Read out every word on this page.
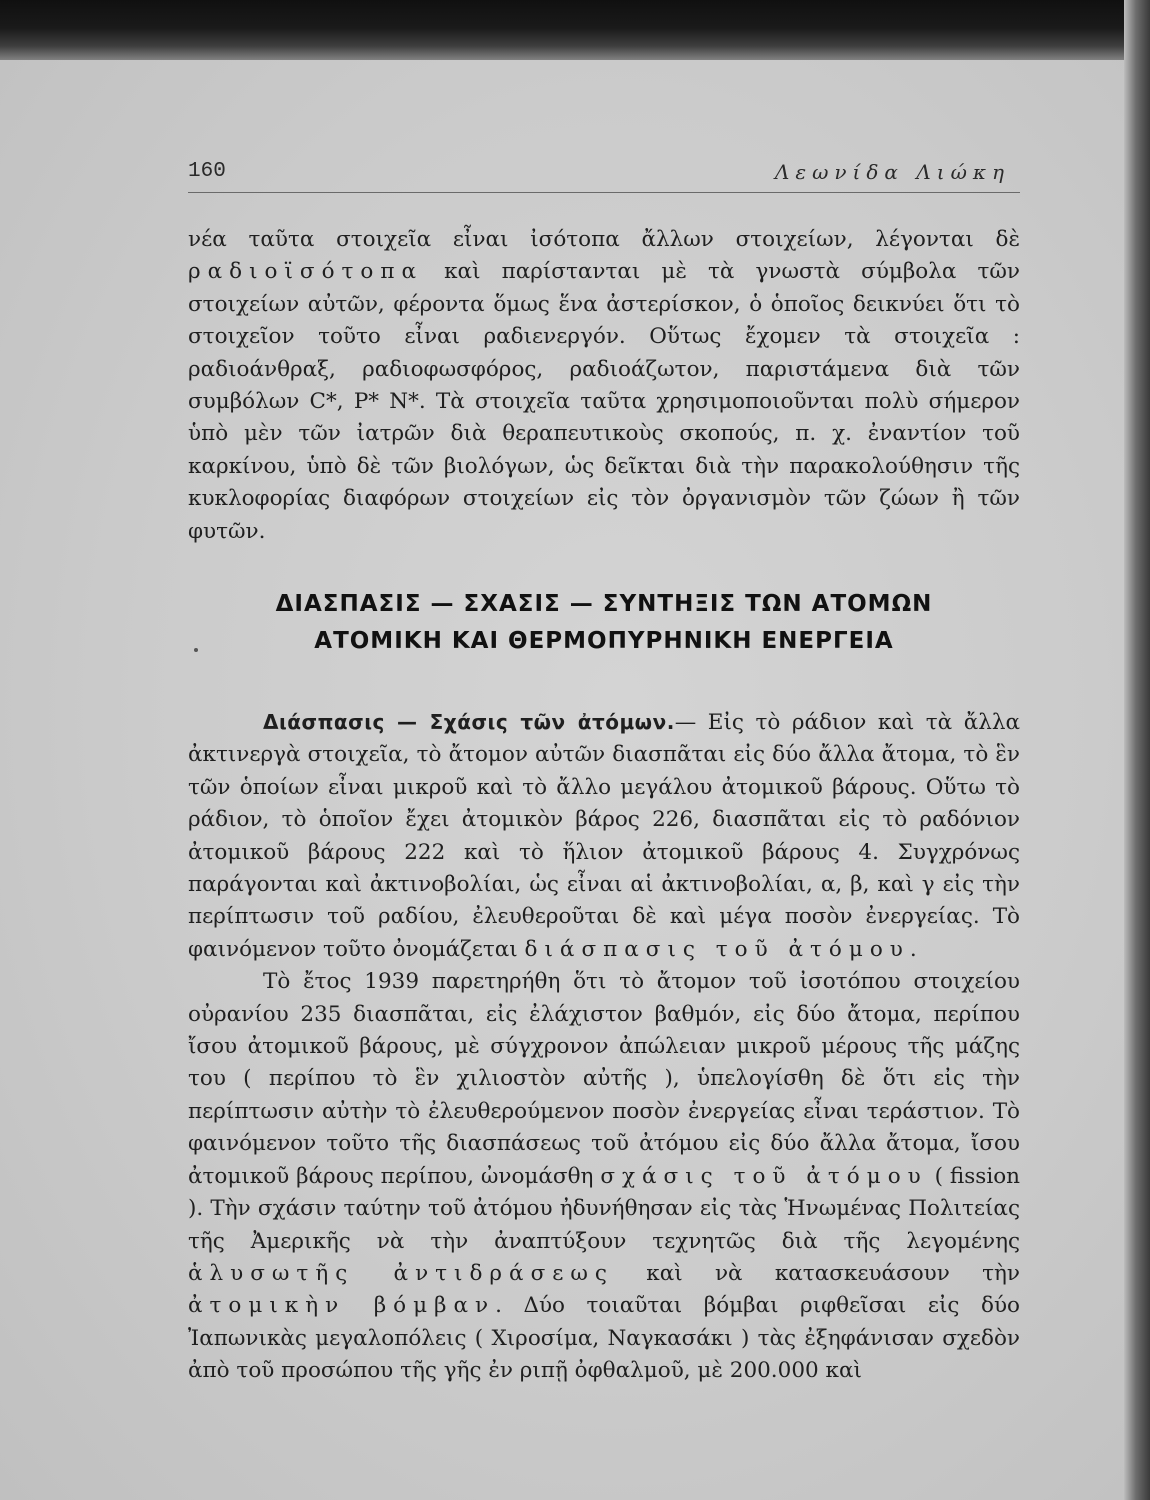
160	Λεωνίδα Λιώκη

νέα ταῦτα στοιχεῖα εἶναι ἰσότοπα ἄλλων στοιχείων, λέγονται δὲ ραδιοϊσότοπα καὶ παρίστανται μὲ τὰ γνωστὰ σύμβολα τῶν στοιχείων αὐτῶν, φέροντα ὅμως ἕνα ἀστερίσκον, ὁ ὁποῖος δεικνύει ὅτι τὸ στοιχεῖον τοῦτο εἶναι ραδιενεργόν. Οὕτως ἔχομεν τὰ στοιχεῖα : ραδιοάνθραξ, ραδιοφωσφόρος, ραδιοάζωτον, παριστάμενα διὰ τῶν συμβόλων C*, P* N*. Τὰ στοιχεῖα ταῦτα χρησιμοποιοῦνται πολὺ σήμερον ὑπὸ μὲν τῶν ἰατρῶν διὰ θεραπευτικοὺς σκοπούς, π. χ. ἐναντίον τοῦ καρκίνου, ὑπὸ δὲ τῶν βιολόγων, ὡς δεῖκται διὰ τὴν παρακολούθησιν τῆς κυκλοφορίας διαφόρων στοιχείων εἰς τὸν ὀργανισμὸν τῶν ζώων ἢ τῶν φυτῶν.

ΔΙΑΣΠΑΣΙΣ — ΣΧΑΣΙΣ — ΣΥΝΤΗΞΙΣ ΤΩΝ ΑΤΟΜΩΝ
ΑΤΟΜΙΚΗ ΚΑΙ ΘΕΡΜΟΠΥΡΗΝΙΚΗ ΕΝΕΡΓΕΙΑ

Διάσπασις — Σχάσις τῶν ἀτόμων.— Εἰς τὸ ράδιον καὶ τὰ ἄλλα ἀκτινεργὰ στοιχεῖα, τὸ ἄτομον αὐτῶν διασπᾶται εἰς δύο ἄλλα ἄτομα, τὸ ἓν τῶν ὁποίων εἶναι μικροῦ καὶ τὸ ἄλλο μεγάλου ἀτομικοῦ βάρους. Οὕτω τὸ ράδιον, τὸ ὁποῖον ἔχει ἀτομικὸν βάρος 226, διασπᾶται εἰς τὸ ραδόνιον ἀτομικοῦ βάρους 222 καὶ τὸ ἥλιον ἀτομικοῦ βάρους 4. Συγχρόνως παράγονται καὶ ἀκτινοβολίαι, ὡς εἶναι αἱ ἀκτινοβολίαι, α, β, καὶ γ εἰς τὴν περίπτωσιν τοῦ ραδίου, ἐλευθεροῦται δὲ καὶ μέγα ποσὸν ἐνεργείας. Τὸ φαινόμενον τοῦτο ὀνομάζεται διάσπασις τοῦ ἀτόμου.

Τὸ ἔτος 1939 παρετηρήθη ὅτι τὸ ἄτομον τοῦ ἰσοτόπου στοιχείου οὐρανίου 235 διασπᾶται, εἰς ἐλάχιστον βαθμόν, εἰς δύο ἄτομα, περίπου ἴσου ἀτομικοῦ βάρους, μὲ σύγχρονον ἀπώλειαν μικροῦ μέρους τῆς μάζης του ( περίπου τὸ ἓν χιλιοστὸν αὐτῆς ), ὑπελογίσθη δὲ ὅτι εἰς τὴν περίπτωσιν αὐτὴν τὸ ἐλευθερούμενον ποσὸν ἐνεργείας εἶναι τεράστιον. Τὸ φαινόμενον τοῦτο τῆς διασπάσεως τοῦ ἀτόμου εἰς δύο ἄλλα ἄτομα, ἴσου ἀτομικοῦ βάρους περίπου, ὠνομάσθη σχάσις τοῦ ἀτόμου ( fission ). Τὴν σχάσιν ταύτην τοῦ ἀτόμου ἠδυνήθησαν εἰς τὰς Ἡνωμένας Πολιτείας τῆς Ἀμερικῆς νὰ τὴν ἀναπτύξουν τεχνητῶς διὰ τῆς λεγομένης ἁλυσωτῆς ἀντιδράσεως καὶ νὰ κατασκευάσουν τὴν ἀτομικὴν βόμβαν. Δύο τοιαῦται βόμβαι ριφθεῖσαι εἰς δύο Ἰαπωνικὰς μεγαλοπόλεις ( Χιροσίμα, Ναγκασάκι ) τὰς ἐξηφάνισαν σχεδὸν ἀπὸ τοῦ προσώπου τῆς γῆς ἐν ριπῇ ὀφθαλμοῦ, μὲ 200.000 καὶ
